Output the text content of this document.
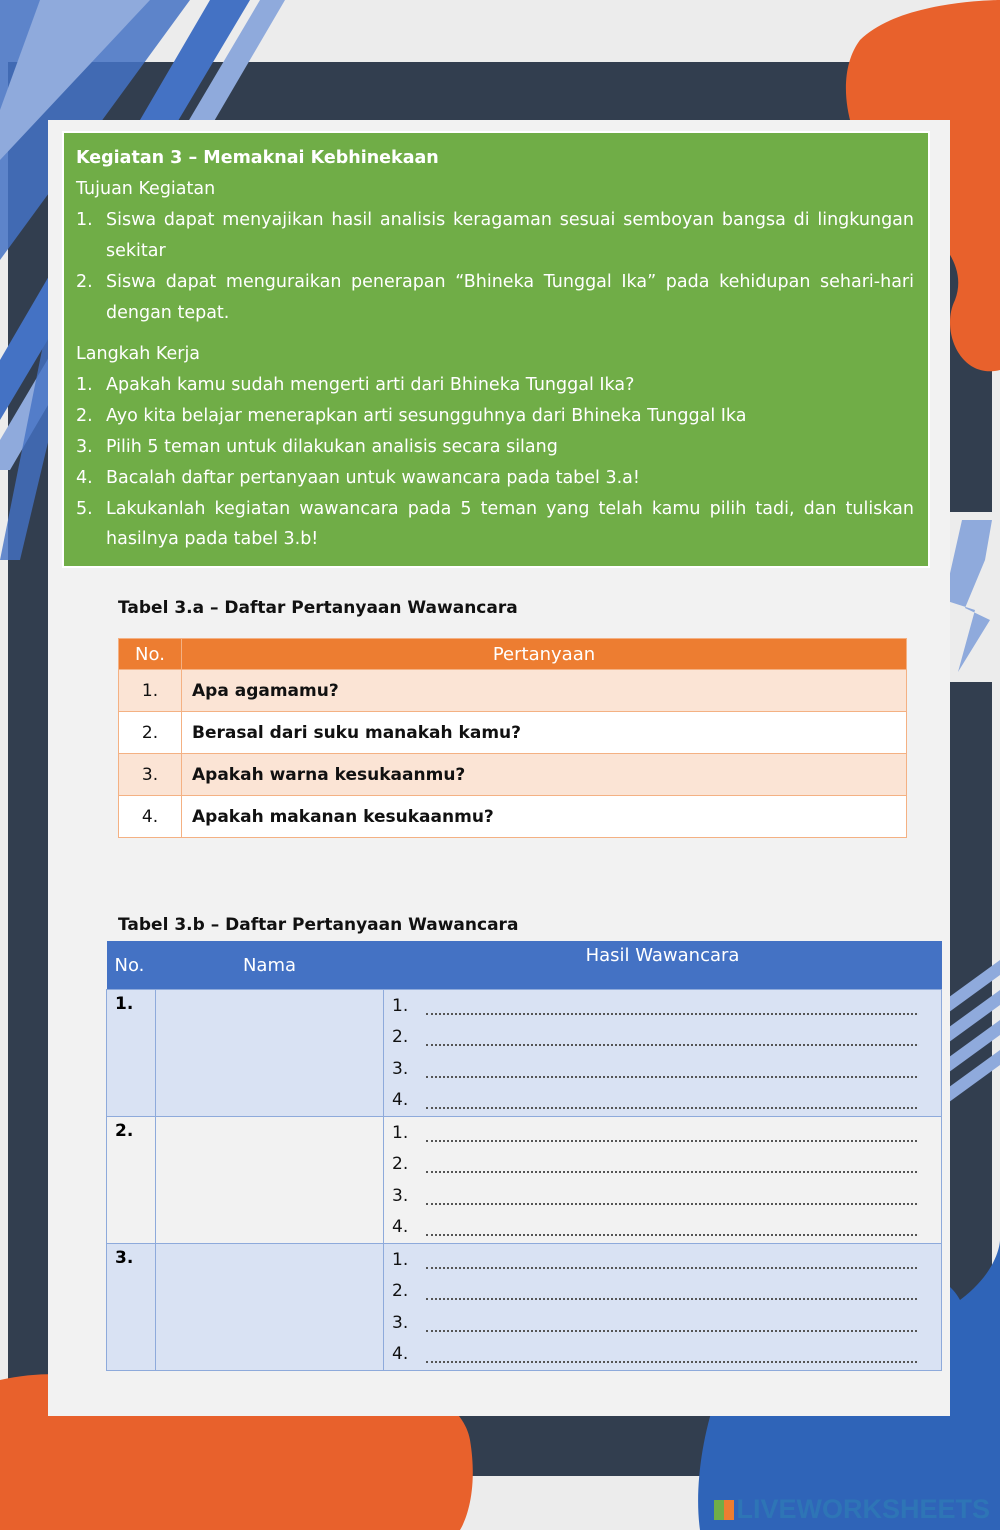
Kegiatan 3 – Memaknai Kebhinekaan
Tujuan Kegiatan
1. Siswa dapat menyajikan hasil analisis keragaman sesuai semboyan bangsa di lingkungan sekitar
2. Siswa dapat menguraikan penerapan “Bhineka Tunggal Ika” pada kehidupan sehari-hari dengan tepat.
Langkah Kerja
1. Apakah kamu sudah mengerti arti dari Bhineka Tunggal Ika?
2. Ayo kita belajar menerapkan arti sesungguhnya dari Bhineka Tunggal Ika
3. Pilih 5 teman untuk dilakukan analisis secara silang
4. Bacalah daftar pertanyaan untuk wawancara pada tabel 3.a!
5. Lakukanlah kegiatan wawancara pada 5 teman yang telah kamu pilih tadi, dan tuliskan hasilnya pada tabel 3.b!
Tabel 3.a – Daftar Pertanyaan Wawancara
No.	Pertanyaan
1.	Apa agamamu?
2.	Berasal dari suku manakah kamu?
3.	Apakah warna kesukaanmu?
4.	Apakah makanan kesukaanmu?
Tabel 3.b – Daftar Pertanyaan Wawancara
No.	Nama	Hasil Wawancara
1.		1.
2.
3.
4.

2.		1.
2.
3.
4.

3.		1.
2.
3.
4.
LIVEWORKSHEETS
